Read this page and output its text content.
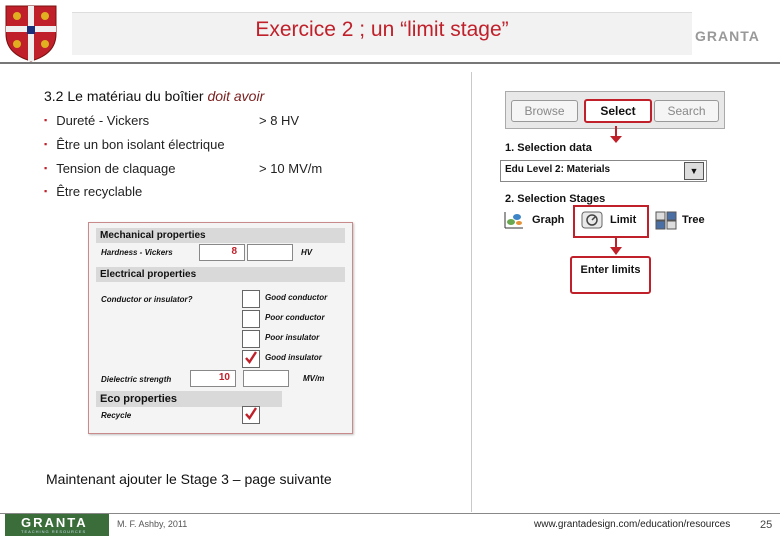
Exercice 2 ; un “limit stage”	GRANTA
3.2 Le matériau du boîtier doit avoir
▪ Dureté - Vickers	> 8 HV
▪ Être un bon isolant électrique
▪ Tension de claquage	> 10 MV/m
▪ Être recyclable
Mechanical properties
Hardness - Vickers	8	HV
Electrical properties
Conductor or insulator?	Good conductor
Poor conductor
Poor insulator
Good insulator
Dielectric strength	10	MV/m
Eco properties
Recycle
Browse	Select	Search
1. Selection data
Edu Level 2: Materials	▼
2. Selection Stages
Graph	Limit	Tree
Enter limits
Maintenant ajouter le Stage 3 – page suivante
GRANTA
TEACHING RESOURCES
M. F. Ashby, 2011	www.grantadesign.com/education/resources	25
